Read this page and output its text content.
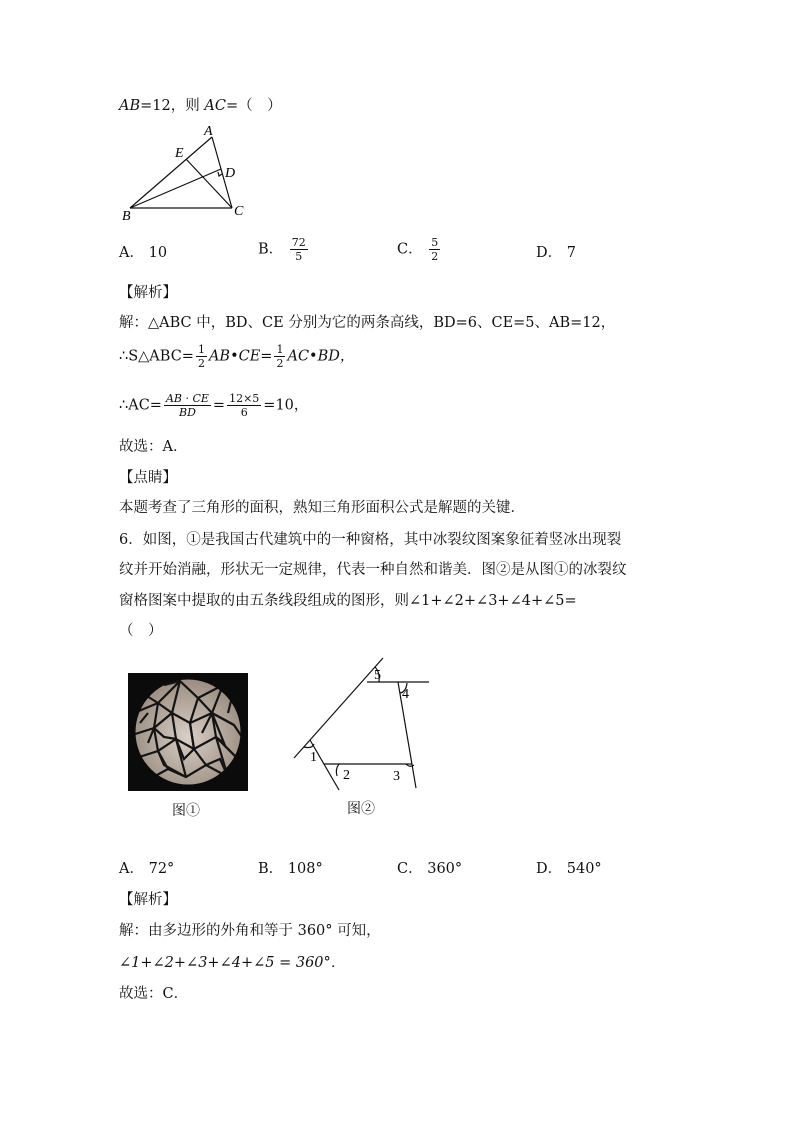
AB=12，则 AC=（　）
A
E
D
B	C
A． 10	B． $\frac{72}{5}$	C． $\frac{5}{2}$	D． 7
【解析】
解：△ABC 中，BD、CE 分别为它的两条高线，BD=6、CE=5、AB=12，
∴S△ABC= $\frac{1}{2}$ AB•CE= $\frac{1}{2}$ AC•BD，
∴AC= $\frac{AB \cdot CE}{BD} = \frac{12\times 5}{6} =10$，
故选：A．
【点睛】
本题考查了三角形的面积，熟知三角形面积公式是解题的关键．
6．如图，①是我国古代建筑中的一种窗格，其中冰裂纹图案象征着竖冰出现裂
纹并开始消融，形状无一定规律，代表一种自然和谐美．图②是从图①的冰裂纹
窗格图案中提取的由五条线段组成的图形，则∠1+∠2+∠3+∠4+∠5=
（　）
图①
1
2	3
4
5
图②
A． 72°	B． 108°	C． 360°	D． 540°
【解析】
解：由多边形的外角和等于 360° 可知，
∠1+∠2+∠3+∠4+∠5 = 360°．
故选：C．
